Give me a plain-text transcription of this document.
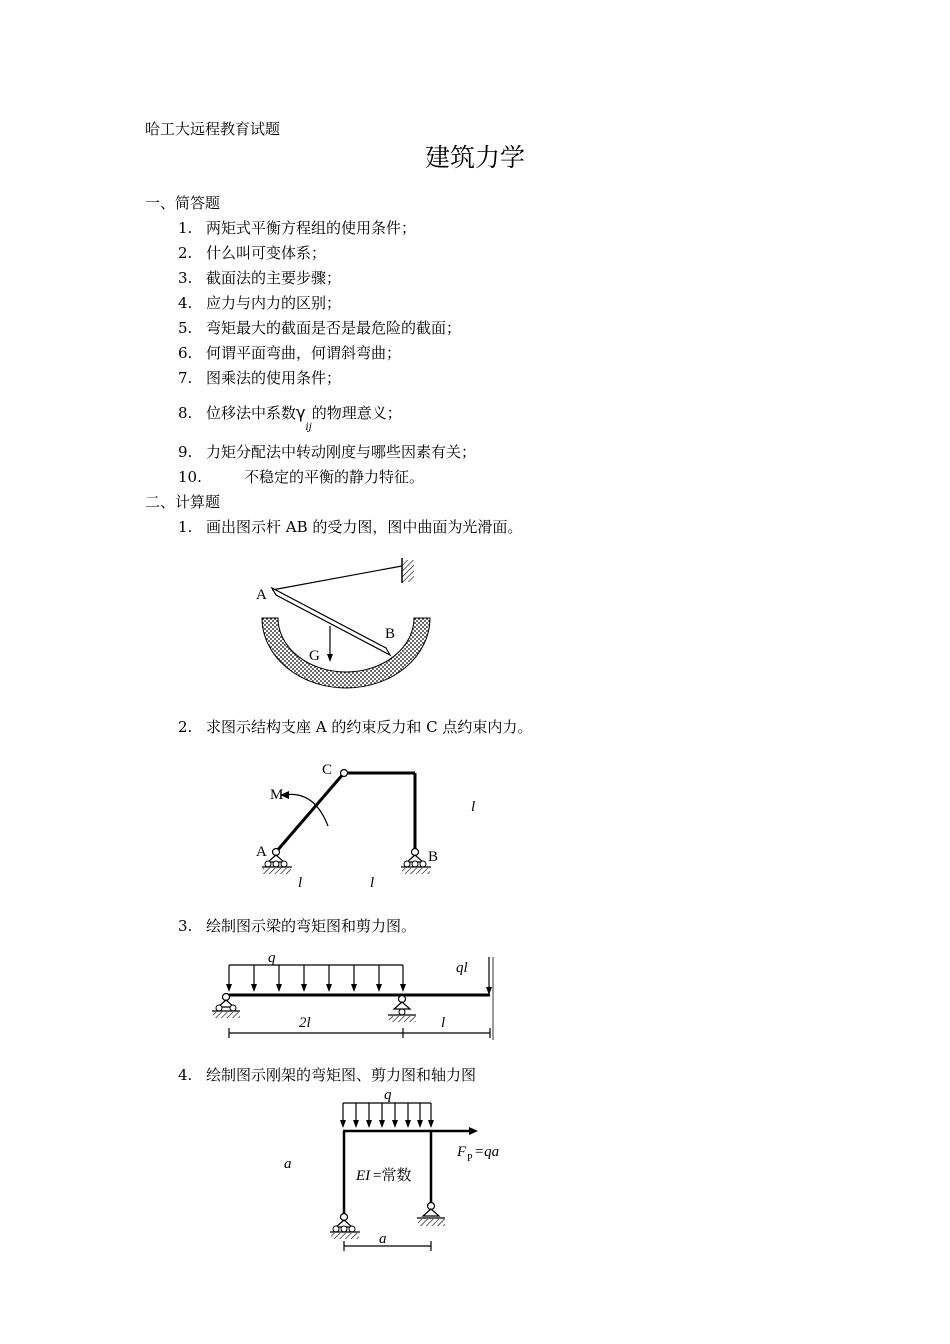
哈工大远程教育试题
建筑力学
一、简答题
1. 两矩式平衡方程组的使用条件；
2. 什么叫可变体系；
3. 截面法的主要步骤；
4. 应力与内力的区别；
5. 弯矩最大的截面是否是最危险的截面；
6. 何谓平面弯曲，何谓斜弯曲；
7. 图乘法的使用条件；
8. 位移法中系数$\gamma_{ij}$的物理意义；
9. 力矩分配法中转动刚度与哪些因素有关；
10.	不稳定的平衡的静力特征。
二、计算题
1. 画出图示杆 AB 的受力图，图中曲面为光滑面。
A
B
G
2. 求图示结构支座 A 的约束反力和 C 点约束内力。
C
M
A	B
l
l	l
3. 绘制图示梁的弯矩图和剪力图。
q
ql
2l	l
4. 绘制图示刚架的弯矩图、剪力图和轴力图
q
F P =qa
a
EI =常数
a
